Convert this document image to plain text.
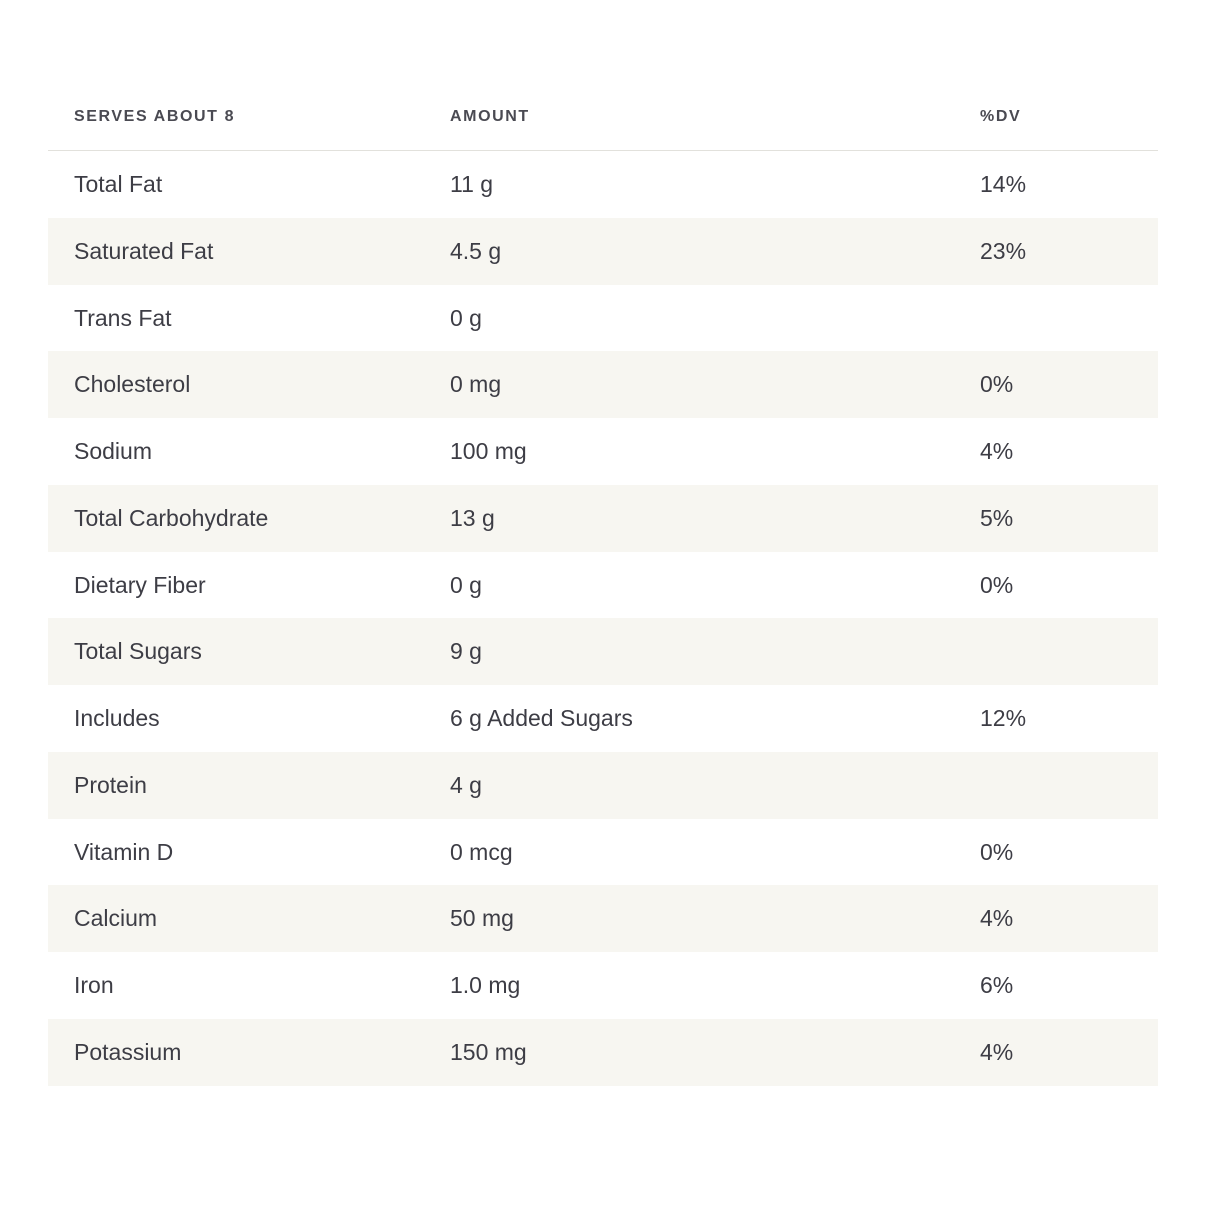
SERVES ABOUT 8	AMOUNT	%DV
Total Fat	11 g	14%
Saturated Fat	4.5 g	23%
Trans Fat	0 g	
Cholesterol	0 mg	0%
Sodium	100 mg	4%
Total Carbohydrate	13 g	5%
Dietary Fiber	0 g	0%
Total Sugars	9 g	
Includes	6 g Added Sugars	12%
Protein	4 g	
Vitamin D	0 mcg	0%
Calcium	50 mg	4%
Iron	1.0 mg	6%
Potassium	150 mg	4%
